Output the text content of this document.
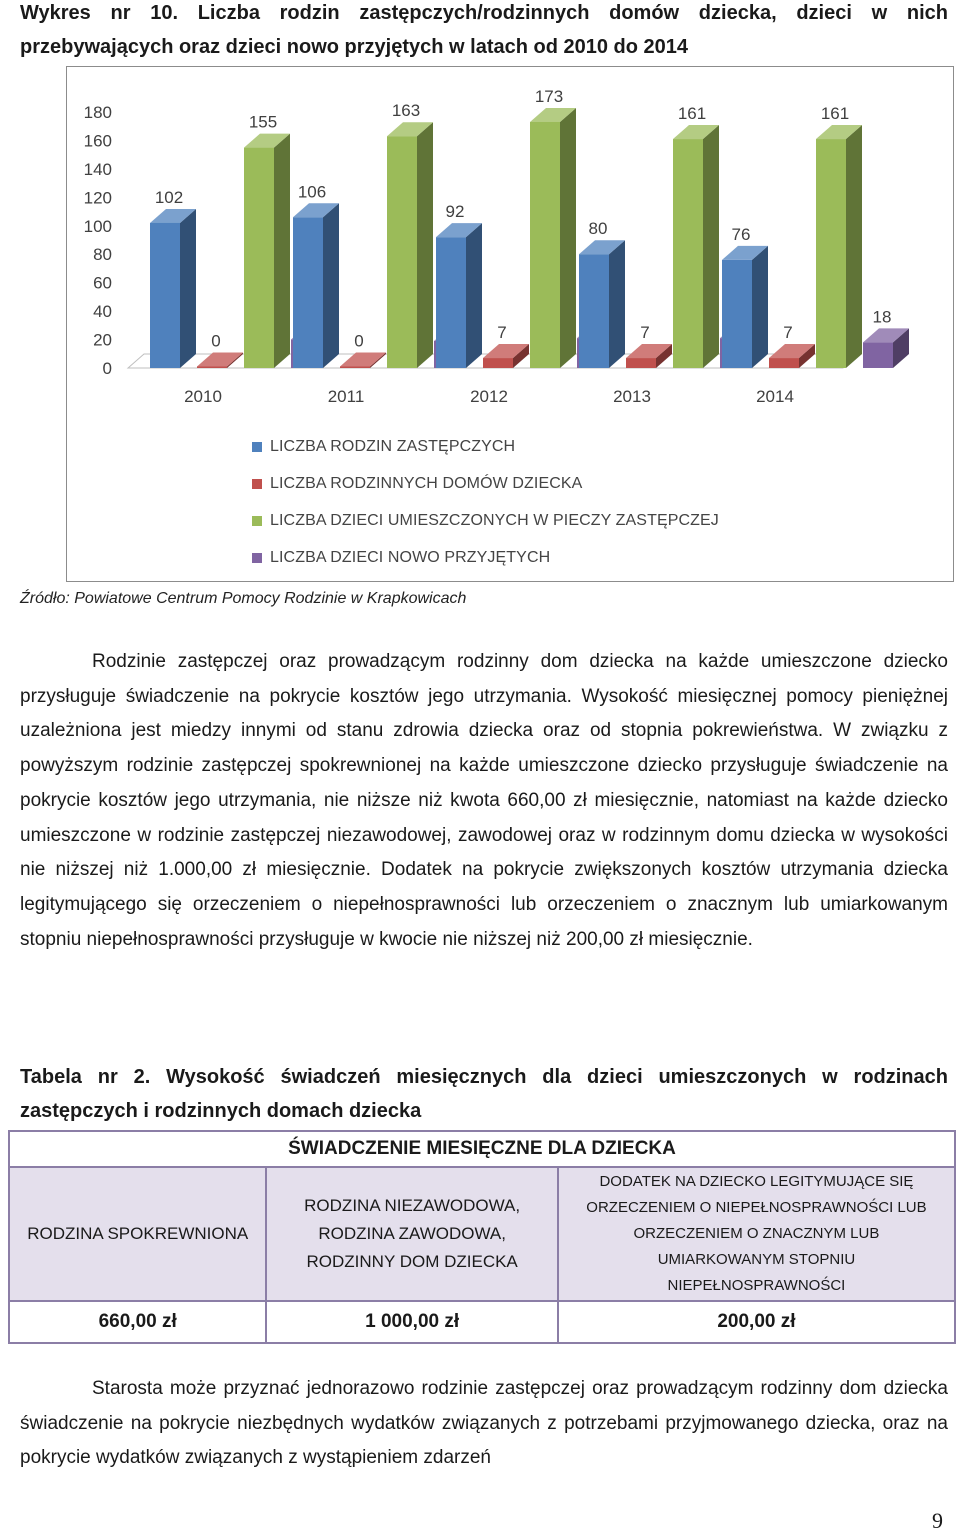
Wykres nr 10. Liczba rodzin zastępczych/rodzinnych domów dziecka, dzieci w nich przebywających oraz dzieci nowo przyjętych w latach od 2010 do 2014
0
20
40
60
80
100
120
140
160
180
102
0
155
2010
106
0
163
2011
92
7
173
2012
80
7
161
2013
76
7
161
18
2014
LICZBA RODZIN ZASTĘPCZYCH
LICZBA RODZINNYCH DOMÓW DZIECKA
LICZBA DZIECI UMIESZCZONYCH W PIECZY ZASTĘPCZEJ
LICZBA DZIECI NOWO PRZYJĘTYCH
Źródło: Powiatowe Centrum Pomocy Rodzinie w Krapkowicach

Rodzinie zastępczej oraz prowadzącym rodzinny dom dziecka na każde umieszczone dziecko przysługuje świadczenie na pokrycie kosztów jego utrzymania. Wysokość miesięcznej pomocy pieniężnej uzależniona jest miedzy innymi od stanu zdrowia dziecka oraz od stopnia pokrewieństwa. W związku z powyższym rodzinie zastępczej spokrewnionej na każde umieszczone dziecko przysługuje świadczenie na pokrycie kosztów jego utrzymania, nie niższe niż kwota 660,00 zł miesięcznie, natomiast na każde dziecko umieszczone w rodzinie zastępczej niezawodowej, zawodowej oraz w rodzinnym domu dziecka w wysokości nie niższej niż 1.000,00 zł miesięcznie. Dodatek na pokrycie zwiększonych kosztów utrzymania dziecka legitymującego się orzeczeniem o niepełnosprawności lub orzeczeniem o znacznym lub umiarkowanym stopniu niepełnosprawności przysługuje w kwocie nie niższej niż 200,00 zł miesięcznie.

Tabela nr 2. Wysokość świadczeń miesięcznych dla dzieci umieszczonych w rodzinach zastępczych i rodzinnych domach dziecka
ŚWIADCZENIE MIESIĘCZNE DLA DZIECKA		
RODZINA SPOKREWNIONA	RODZINA NIEZAWODOWA, RODZINA ZAWODOWA, RODZINNY DOM DZIECKA	DODATEK NA DZIECKO LEGITYMUJĄCE SIĘ ORZECZENIEM O NIEPEŁNOSPRAWNOŚCI LUB ORZECZENIEM O ZNACZNYM LUB UMIARKOWANYM STOPNIU NIEPEŁNOSPRAWNOŚCI
660,00 zł	1 000,00 zł	200,00 zł

Starosta może przyznać jednorazowo rodzinie zastępczej oraz prowadzącym rodzinny dom dziecka świadczenie na pokrycie niezbędnych wydatków związanych z potrzebami przyjmowanego dziecka, oraz na pokrycie wydatków związanych z wystąpieniem zdarzeń

9
